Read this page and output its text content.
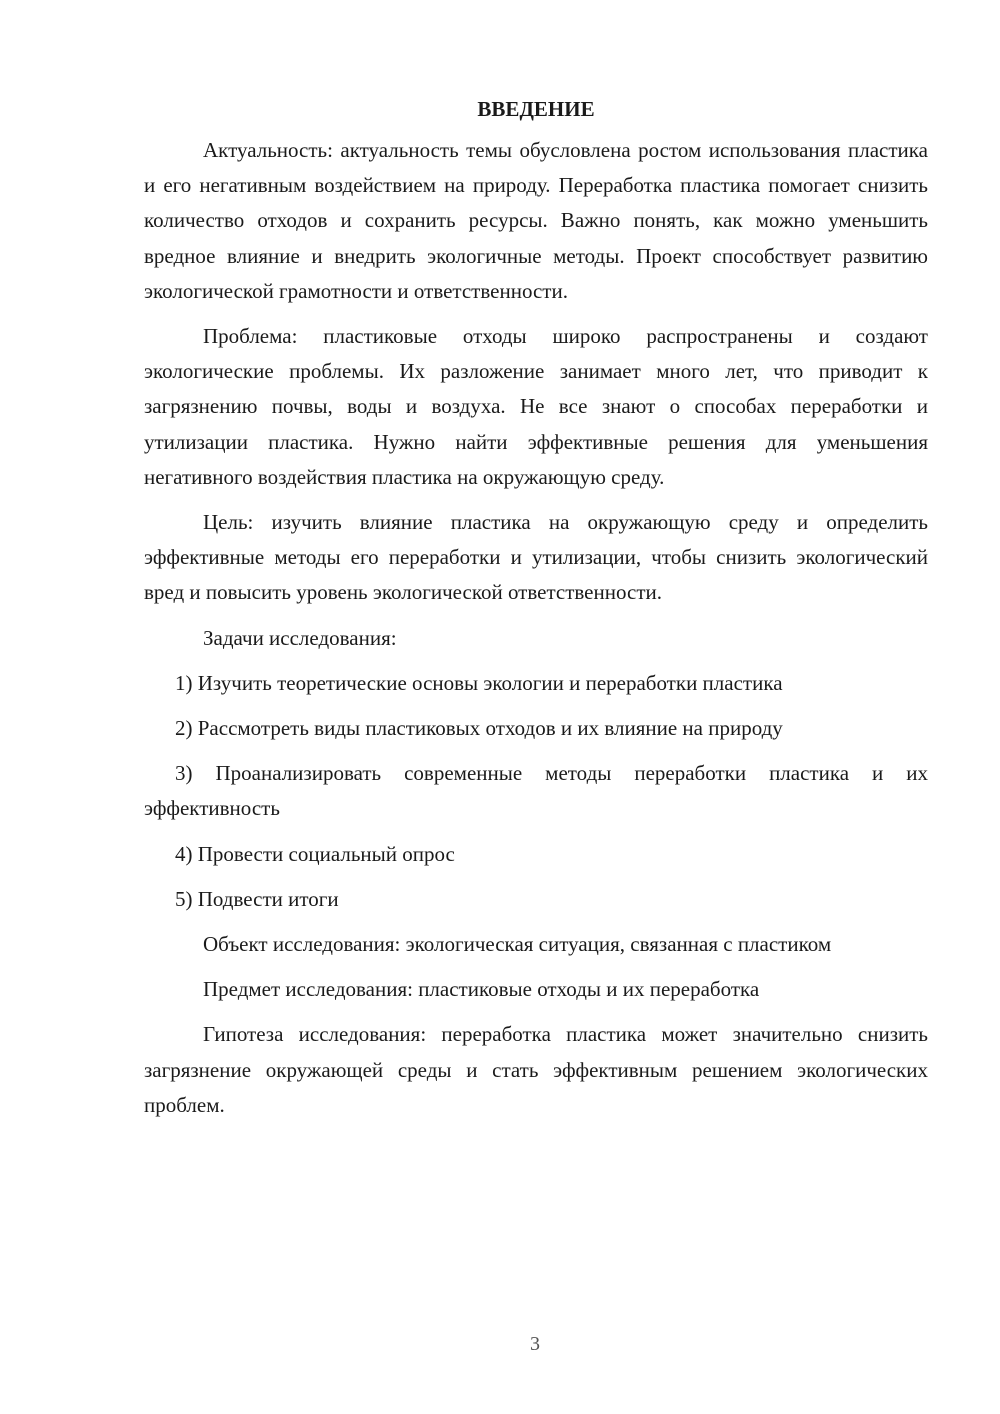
ВВЕДЕНИЕ

Актуальность: актуальность темы обусловлена ростом использования пластика и его негативным воздействием на природу. Переработка пластика помогает снизить количество отходов и сохранить ресурсы. Важно понять, как можно уменьшить вредное влияние и внедрить экологичные методы. Проект способствует развитию экологической грамотности и ответственности.

Проблема: пластиковые отходы широко распространены и создают экологические проблемы. Их разложение занимает много лет, что приводит к загрязнению почвы, воды и воздуха. Не все знают о способах переработки и утилизации пластика. Нужно найти эффективные решения для уменьшения негативного воздействия пластика на окружающую среду.

Цель: изучить влияние пластика на окружающую среду и определить эффективные методы его переработки и утилизации, чтобы снизить экологический вред и повысить уровень экологической ответственности.

Задачи исследования:

1) Изучить теоретические основы экологии и переработки пластика

2) Рассмотреть виды пластиковых отходов и их влияние на природу

3) Проанализировать современные методы переработки пластика и их эффективность

4) Провести социальный опрос

5) Подвести итоги

Объект исследования: экологическая ситуация, связанная с пластиком

Предмет исследования: пластиковые отходы и их переработка

Гипотеза исследования: переработка пластика может значительно снизить загрязнение окружающей среды и стать эффективным решением экологических проблем.

3
